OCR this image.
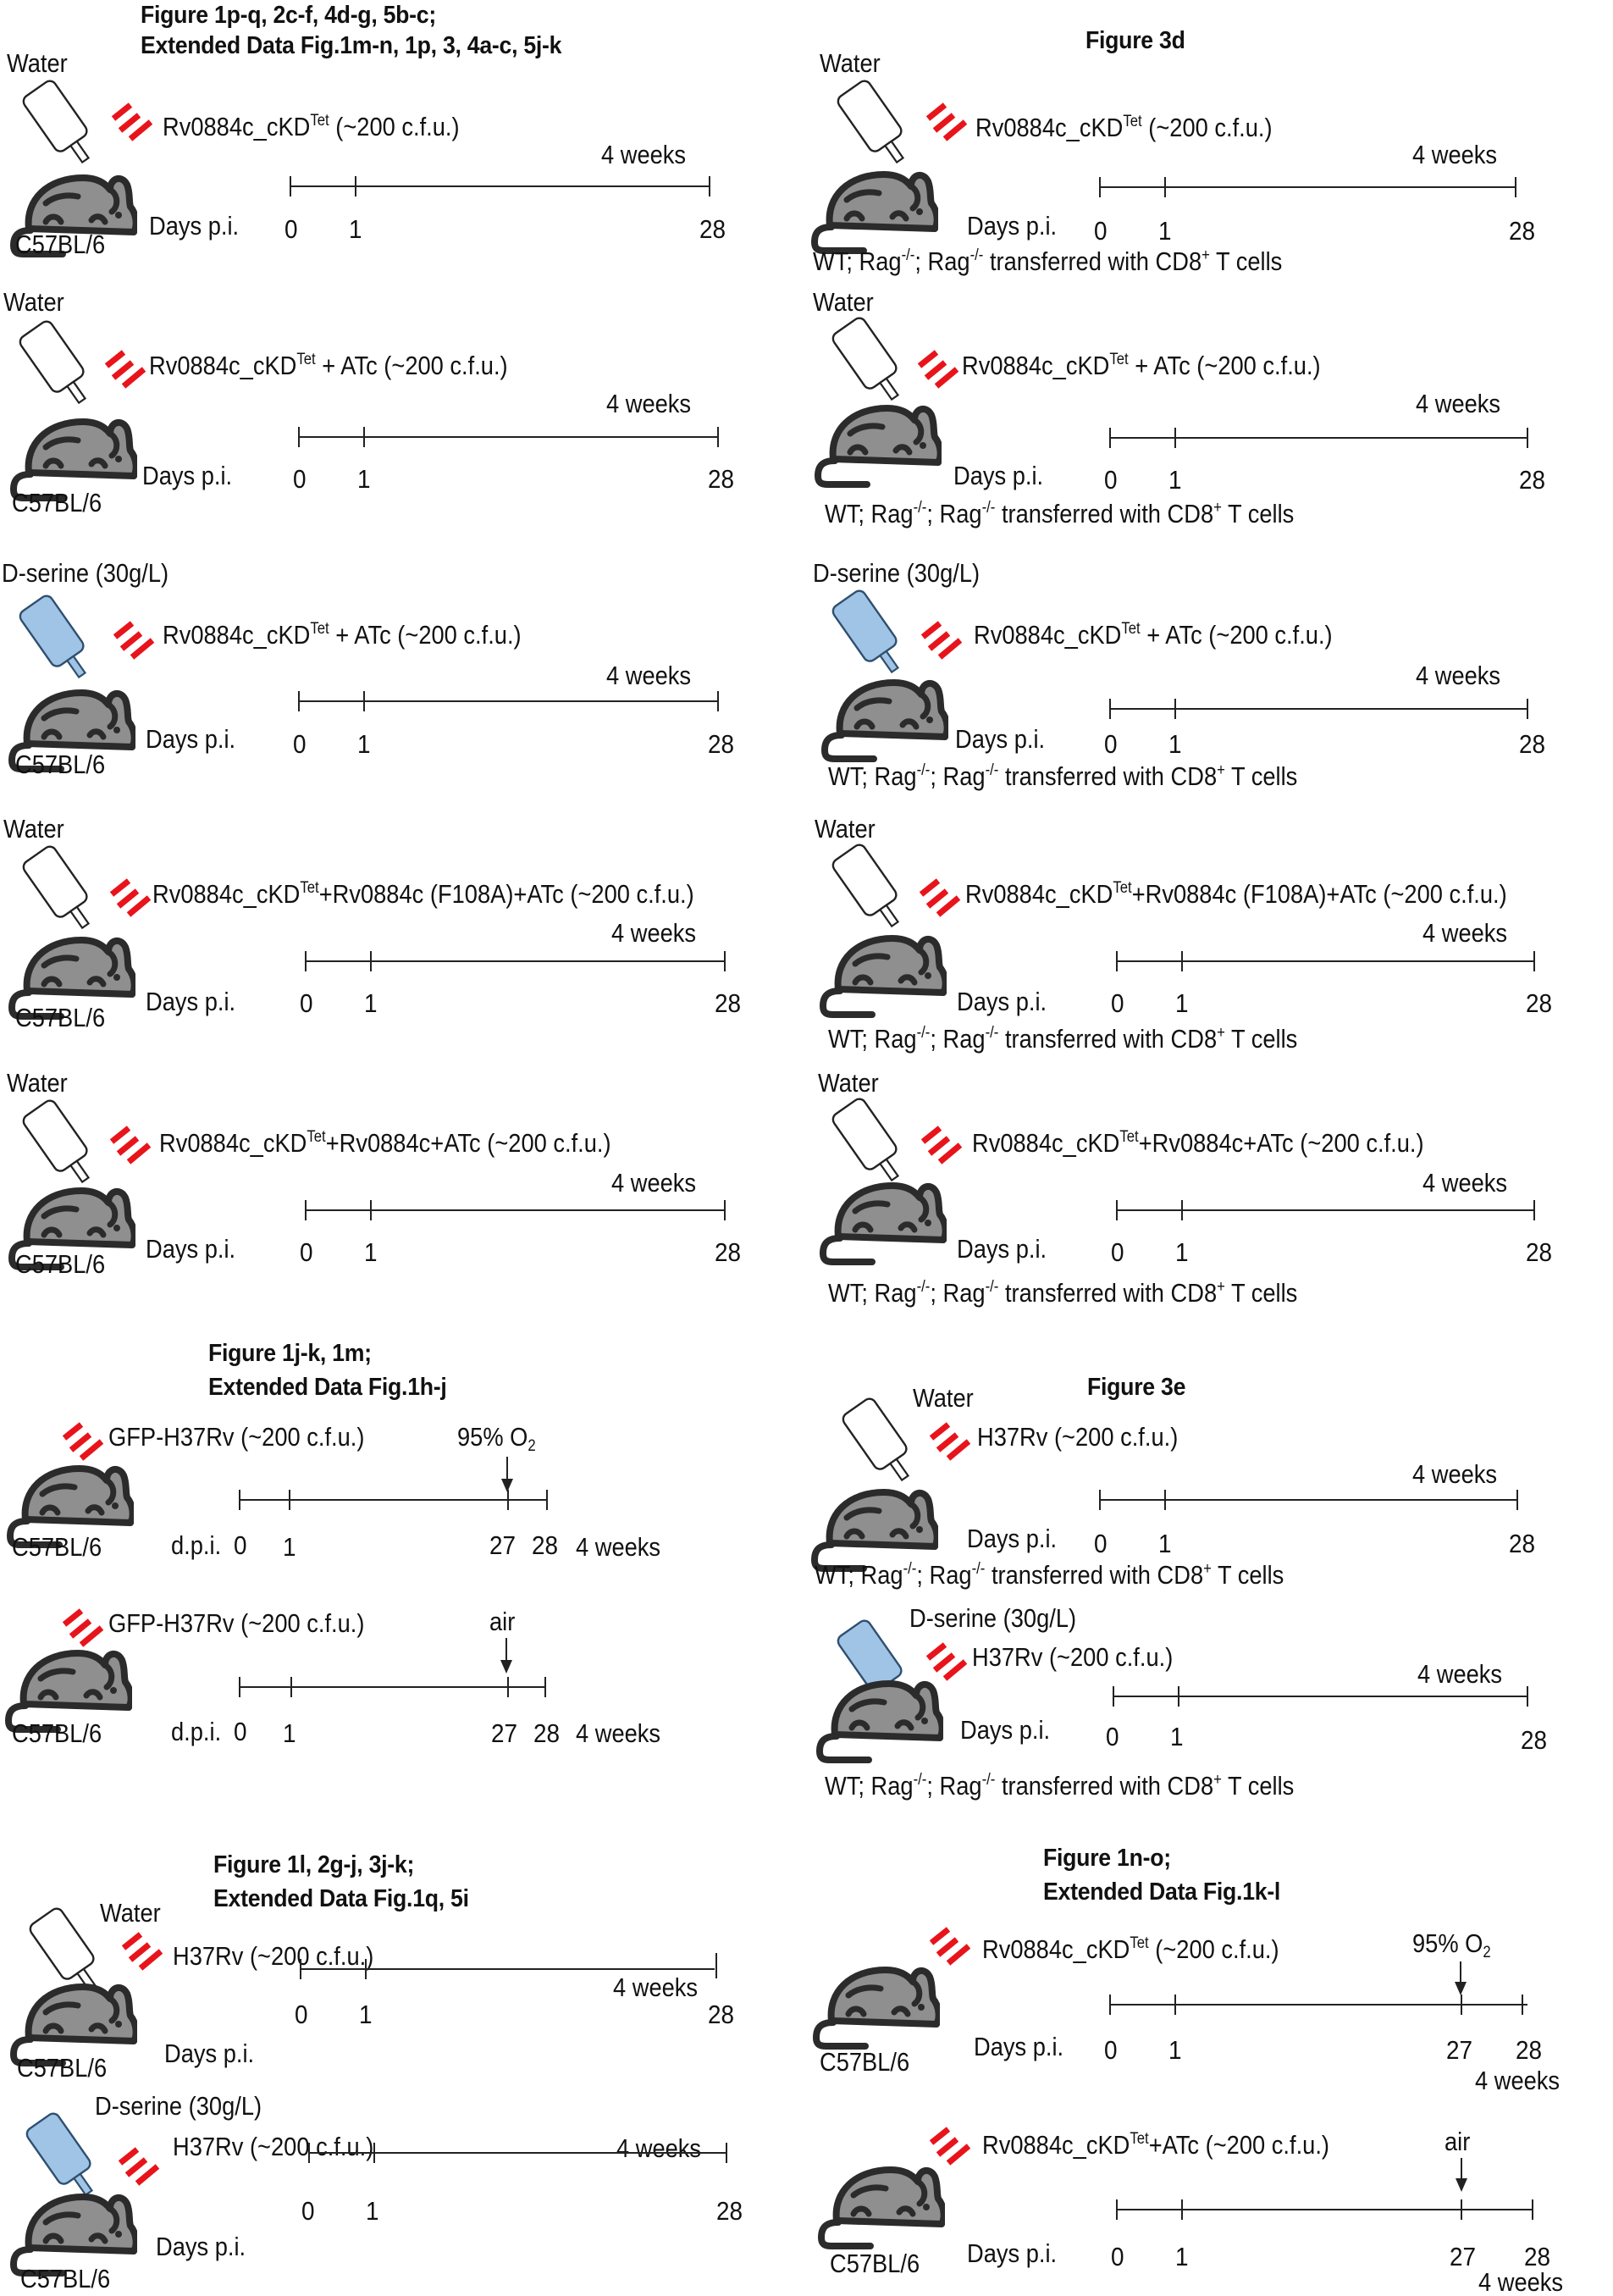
Figure 1p-q, 2c-f, 4d-g, 5b-c;
Extended Data Fig.1m-n, 1p, 3, 4a-c, 5j-k
Water
Rv0884c_cKD$^{Tet}$ (~200 c.f.u.)
C57BL/6
4 weeks
Days p.i. 0 1	28
Water
Rv0884c_cKD$^{Tet}$ + ATc (~200 c.f.u.)
C57BL/6
4 weeks
Days p.i. 0 1	28
D-serine (30g/L)
Rv0884c_cKD$^{Tet}$ + ATc (~200 c.f.u.)
C57BL/6
4 weeks
Days p.i. 0 1	28
Water
Rv0884c_cKD$^{Tet}$+Rv0884c (F108A)+ATc (~200 c.f.u.)
C57BL/6
4 weeks
Days p.i. 0 1	28
Water
Rv0884c_cKD$^{Tet}$+Rv0884c+ATc (~200 c.f.u.)
C57BL/6
4 weeks
Days p.i. 0 1	28
Figure 1j-k, 1m;
Extended Data Fig.1h-j
GFP-H37Rv (~200 c.f.u.)	95% $O_2$
C57BL/6	d.p.i. 0 1	27 28 4 weeks
GFP-H37Rv (~200 c.f.u.)	air
C57BL/6	d.p.i. 0 1	27 28 4 weeks
Figure 1l, 2g-j, 3j-k;
Extended Data Fig.1q, 5i
Water
H37Rv (~200 c.f.u.)
4 weeks
0 1	28
Days p.i.
C57BL/6
D-serine (30g/L)
H37Rv (~200 c.f.u.)	4 weeks
0 1	28
Days p.i.
C57BL/6
Figure 3d
Water
Rv0884c_cKD$^{Tet}$ (~200 c.f.u.)
4 weeks
Days p.i. 0 1	28
WT; Rag-/-; Rag-/- transferred with CD8+ T cells
Water
Rv0884c_cKD$^{Tet}$ + ATc (~200 c.f.u.)
4 weeks
Days p.i. 0 1	28
WT; Rag-/-; Rag-/- transferred with CD8+ T cells
D-serine (30g/L)
Rv0884c_cKD$^{Tet}$ + ATc (~200 c.f.u.)
4 weeks
Days p.i. 0 1	28
WT; Rag-/-; Rag-/- transferred with CD8+ T cells
Water
Rv0884c_cKD$^{Tet}$+Rv0884c (F108A)+ATc (~200 c.f.u.)
4 weeks
Days p.i. 0 1	28
WT; Rag-/-; Rag-/- transferred with CD8+ T cells
Water
Rv0884c_cKD$^{Tet}$+Rv0884c+ATc (~200 c.f.u.)
4 weeks
Days p.i. 0 1	28
WT; Rag-/-; Rag-/- transferred with CD8+ T cells
Figure 3e
Water
H37Rv (~200 c.f.u.)
4 weeks
Days p.i. 0 1	28
WT; Rag-/-; Rag-/- transferred with CD8+ T cells
D-serine (30g/L)
H37Rv (~200 c.f.u.)
4 weeks
Days p.i. 0 1	28
WT; Rag-/-; Rag-/- transferred with CD8+ T cells
Figure 1n-o;
Extended Data Fig.1k-l
Rv0884c_cKD$^{Tet}$ (~200 c.f.u.)	95% $O_2$
Days p.i. 0 1	27 28
C57BL/6
4 weeks
Rv0884c_cKD$^{Tet}$+ATc (~200 c.f.u.)	air
Days p.i. 0 1	27 28
C57BL/6
4 weeks
